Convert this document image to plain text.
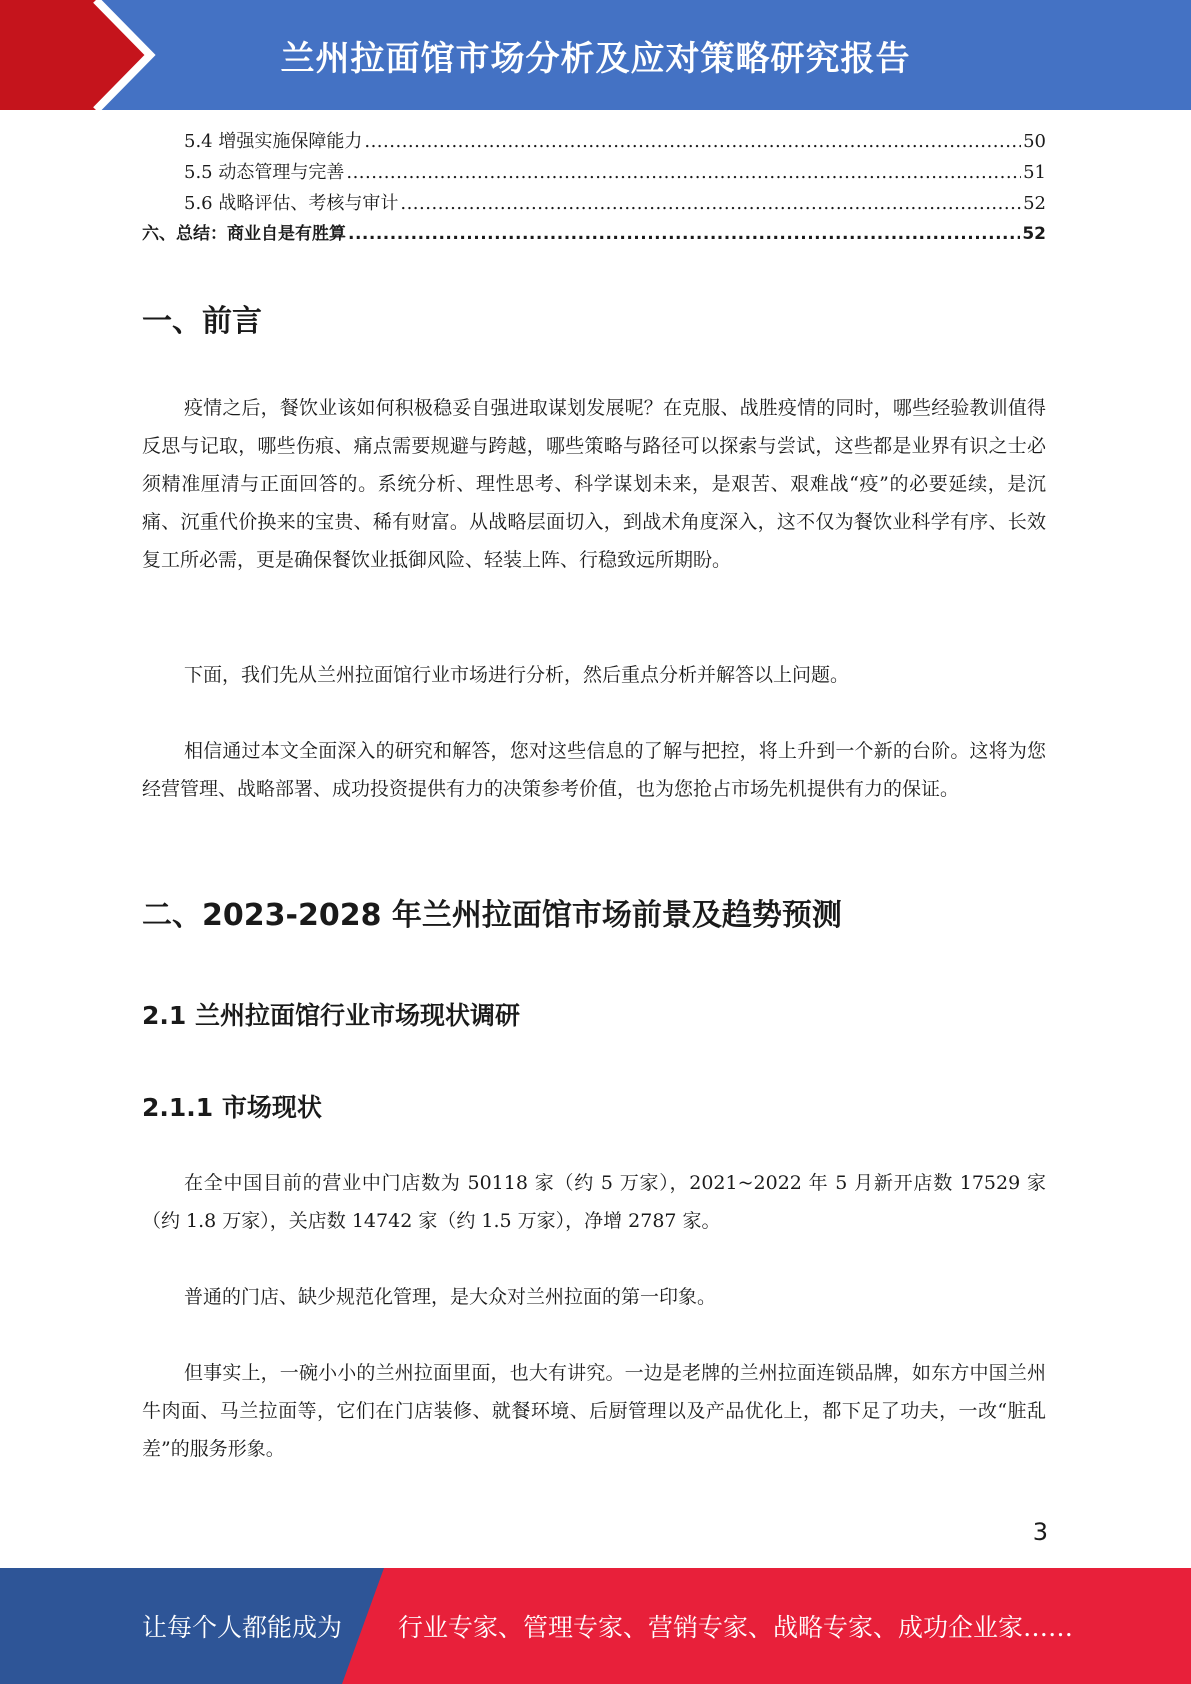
兰州拉面馆市场分析及应对策略研究报告
5.4 增强实施保障能力 .....	50
5.5 动态管理与完善 .....	51
5.6 战略评估、考核与审计 .....	52
六、总结：商业自是有胜算 .....	52
一、前言

疫情之后，餐饮业该如何积极稳妥自强进取谋划发展呢？在克服、战胜疫情的同时，哪些经验教训值得反思与记取，哪些伤痕、痛点需要规避与跨越，哪些策略与路径可以探索与尝试，这些都是业界有识之士必须精准厘清与正面回答的。系统分析、理性思考、科学谋划未来，是艰苦、艰难战“疫”的必要延续，是沉痛、沉重代价换来的宝贵、稀有财富。从战略层面切入，到战术角度深入，这不仅为餐饮业科学有序、长效复工所必需，更是确保餐饮业抵御风险、轻装上阵、行稳致远所期盼。

下面，我们先从兰州拉面馆行业市场进行分析，然后重点分析并解答以上问题。

相信通过本文全面深入的研究和解答，您对这些信息的了解与把控，将上升到一个新的台阶。这将为您经营管理、战略部署、成功投资提供有力的决策参考价值，也为您抢占市场先机提供有力的保证。

二、2023-2028 年兰州拉面馆市场前景及趋势预测
2.1 兰州拉面馆行业市场现状调研
2.1.1 市场现状

在全中国目前的营业中门店数为 50118 家（约 5 万家），2021~2022 年 5 月新开店数 17529 家（约 1.8 万家），关店数 14742 家（约 1.5 万家），净增 2787 家。

普通的门店、缺少规范化管理，是大众对兰州拉面的第一印象。

但事实上，一碗小小的兰州拉面里面，也大有讲究。一边是老牌的兰州拉面连锁品牌，如东方中国兰州牛肉面、马兰拉面等，它们在门店装修、就餐环境、后厨管理以及产品优化上，都下足了功夫，一改“脏乱差”的服务形象。

3
让每个人都能成为 行业专家、管理专家、营销专家、战略专家、成功企业家……
